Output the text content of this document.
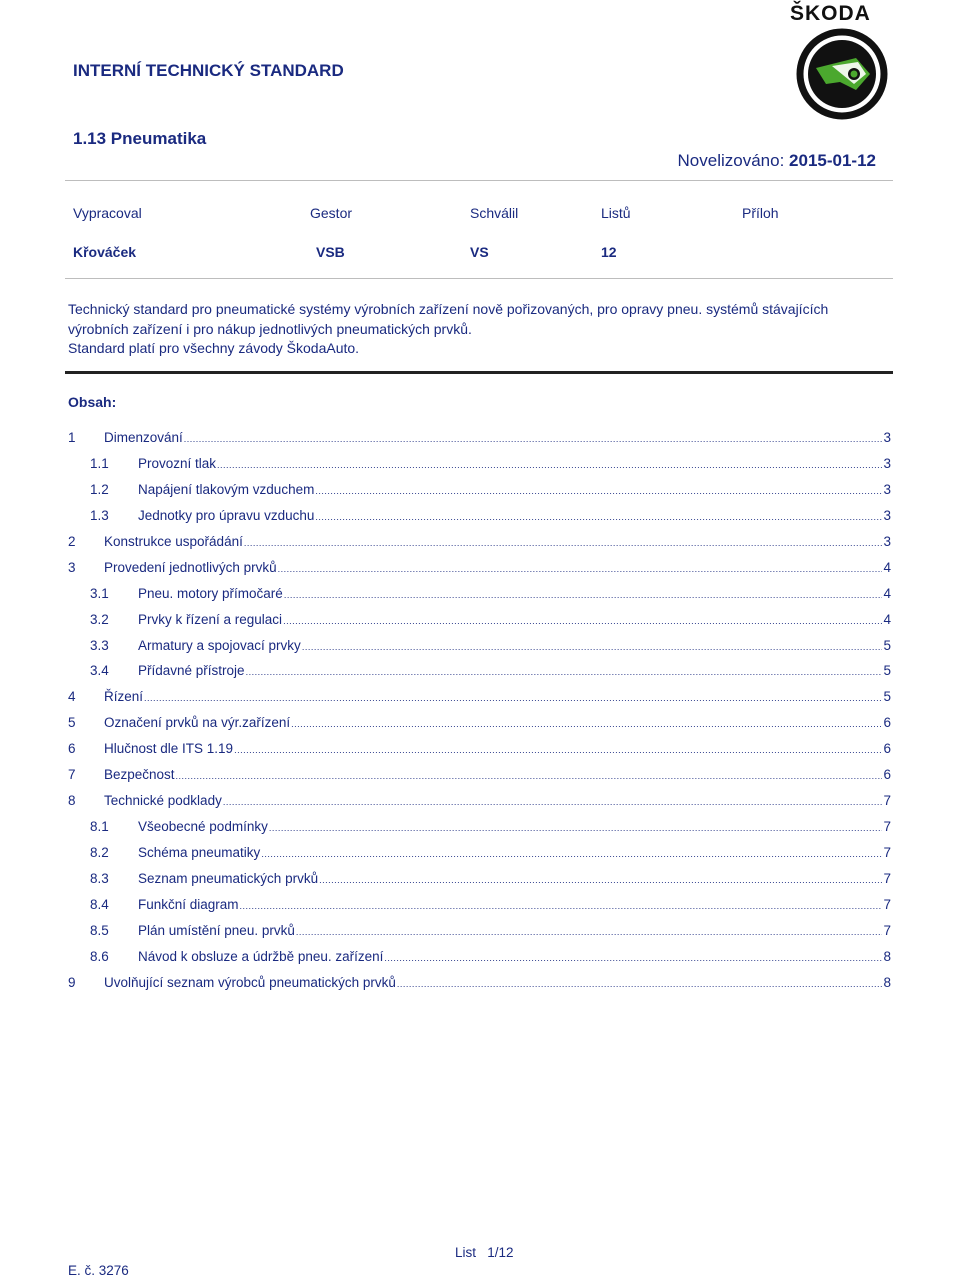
ŠKODA
INTERNÍ TECHNICKÝ STANDARD
1.13 Pneumatika
Novelizováno: 2015-01-12
Vypracoval	Gestor	Schválil	Listů	Příloh
Křováček	VSB	VS	12

Technický standard pro pneumatické systémy výrobních zařízení nově pořizovaných, pro opravy pneu. systémů stávajících

výrobních zařízení i pro nákup jednotlivých pneumatických prvků.

Standard platí pro všechny závody ŠkodaAuto.

Obsah:
1	Dimenzování .....	3
1.1	Provozní tlak .....	3
1.2	Napájení tlakovým vzduchem .....	3
1.3	Jednotky pro úpravu vzduchu .....	3
2	Konstrukce uspořádání .....	3
3	Provedení jednotlivých prvků .....	4
3.1	Pneu. motory přímočaré .....	4
3.2	Prvky k řízení a regulaci .....	4
3.3	Armatury a spojovací prvky .....	5
3.4	Přídavné přístroje .....	5
4	Řízení .....	5
5	Označení prvků na výr.zařízení .....	6
6	Hlučnost dle ITS 1.19 .....	6
7	Bezpečnost .....	6
8	Technické podklady .....	7
8.1	Všeobecné podmínky .....	7
8.2	Schéma pneumatiky .....	7
8.3	Seznam pneumatických prvků .....	7
8.4	Funkční diagram .....	7
8.5	Plán umístění pneu. prvků .....	7
8.6	Návod k obsluze a údržbě pneu. zařízení .....	8
9	Uvolňující seznam výrobců pneumatických prvků .....	8
List 1/12
E. č. 3276
